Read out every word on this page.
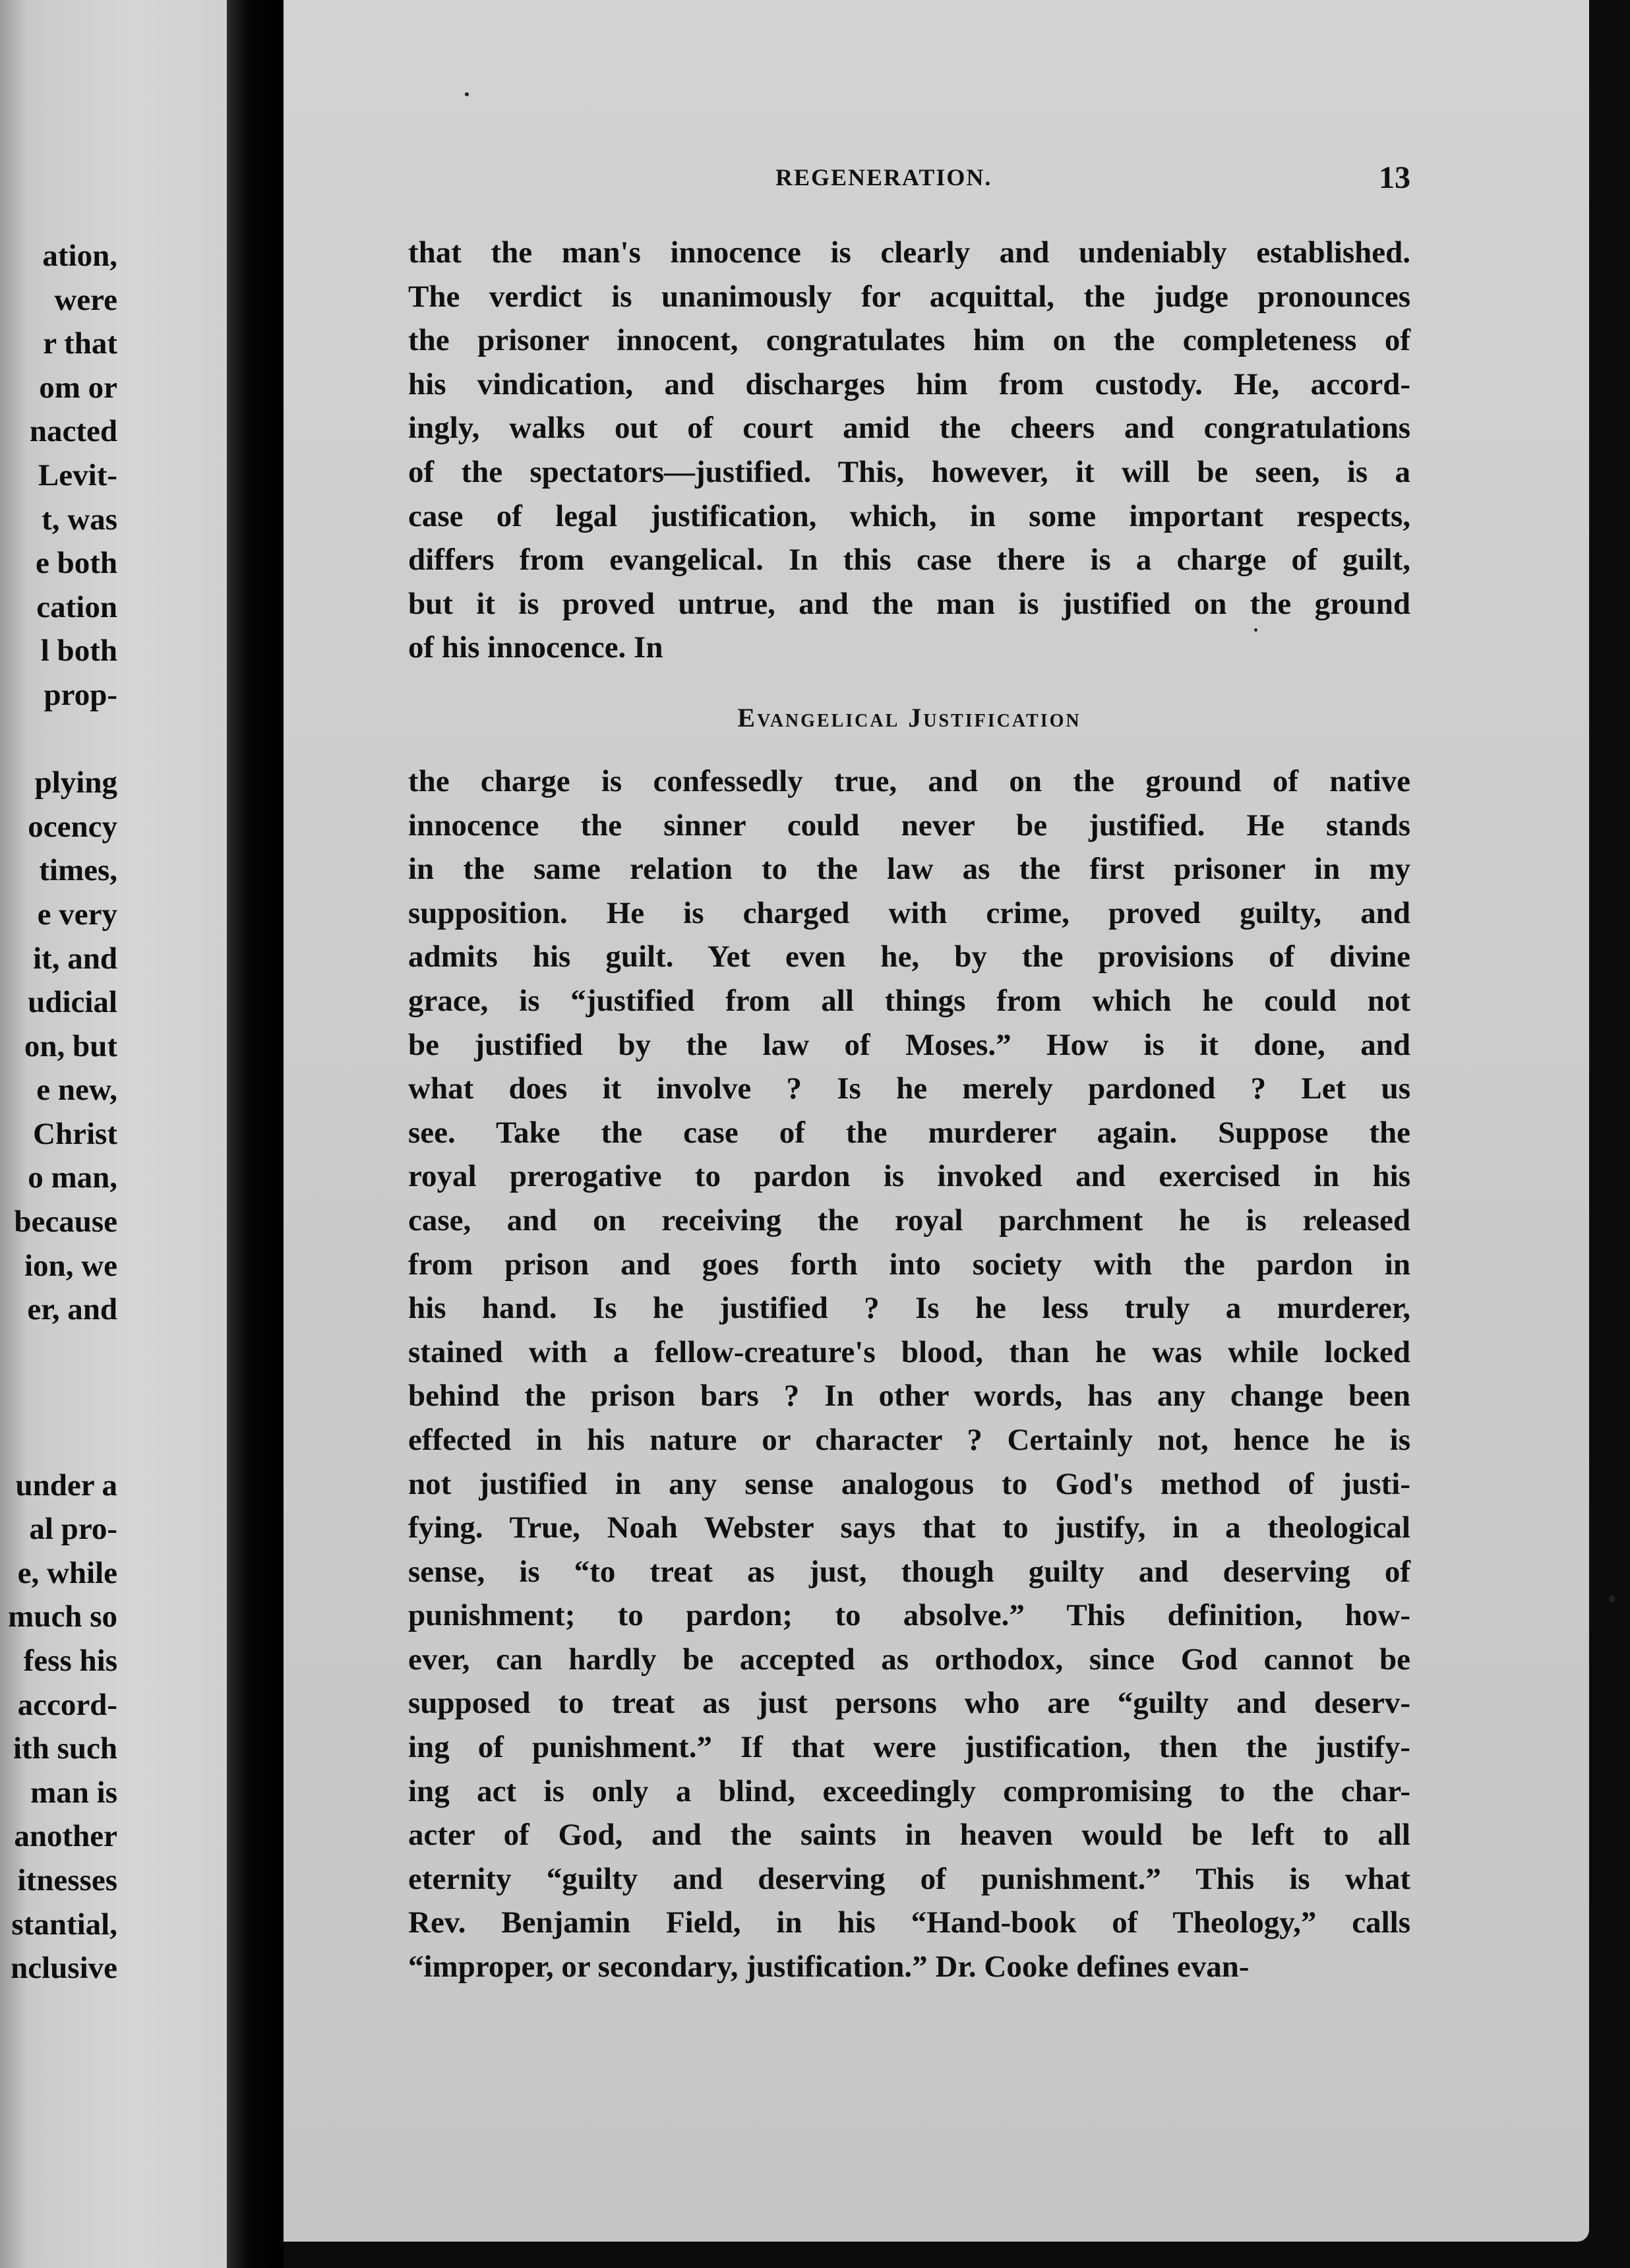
ation,
were
r that
om or
nacted
Levit-
t, was
e both
cation
l both
prop-
plying
ocency
times,
e very
it, and
udicial
on, but
e new,
Christ
o man,
because
ion, we
er, and
under a
al pro-
e, while
much so
fess his
accord-
ith such
man is
another
itnesses
stantial,
nclusive
REGENERATION.	13
that the man's innocence is clearly and undeniably established.
The verdict is unanimously for acquittal, the judge pronounces
the prisoner innocent, congratulates him on the completeness of
his vindication, and discharges him from custody. He, accord-
ingly, walks out of court amid the cheers and congratulations
of the spectators—justified. This, however, it will be seen, is a
case of legal justification, which, in some important respects,
differs from evangelical. In this case there is a charge of guilt,
but it is proved untrue, and the man is justified on the ground
of his innocence. In
Evangelical Justification
the charge is confessedly true, and on the ground of native
innocence the sinner could never be justified. He stands
in the same relation to the law as the first prisoner in my
supposition. He is charged with crime, proved guilty, and
admits his guilt. Yet even he, by the provisions of divine
grace, is “justified from all things from which he could not
be justified by the law of Moses.” How is it done, and
what does it involve ? Is he merely pardoned ? Let us
see. Take the case of the murderer again. Suppose the
royal prerogative to pardon is invoked and exercised in his
case, and on receiving the royal parchment he is released
from prison and goes forth into society with the pardon in
his hand. Is he justified ? Is he less truly a murderer,
stained with a fellow-creature's blood, than he was while locked
behind the prison bars ? In other words, has any change been
effected in his nature or character ? Certainly not, hence he is
not justified in any sense analogous to God's method of justi-
fying. True, Noah Webster says that to justify, in a theological
sense, is “to treat as just, though guilty and deserving of
punishment; to pardon; to absolve.” This definition, how-
ever, can hardly be accepted as orthodox, since God cannot be
supposed to treat as just persons who are “guilty and deserv-
ing of punishment.” If that were justification, then the justify-
ing act is only a blind, exceedingly compromising to the char-
acter of God, and the saints in heaven would be left to all
eternity “guilty and deserving of punishment.” This is what
Rev. Benjamin Field, in his “Hand-book of Theology,” calls
“improper, or secondary, justification.” Dr. Cooke defines evan-
